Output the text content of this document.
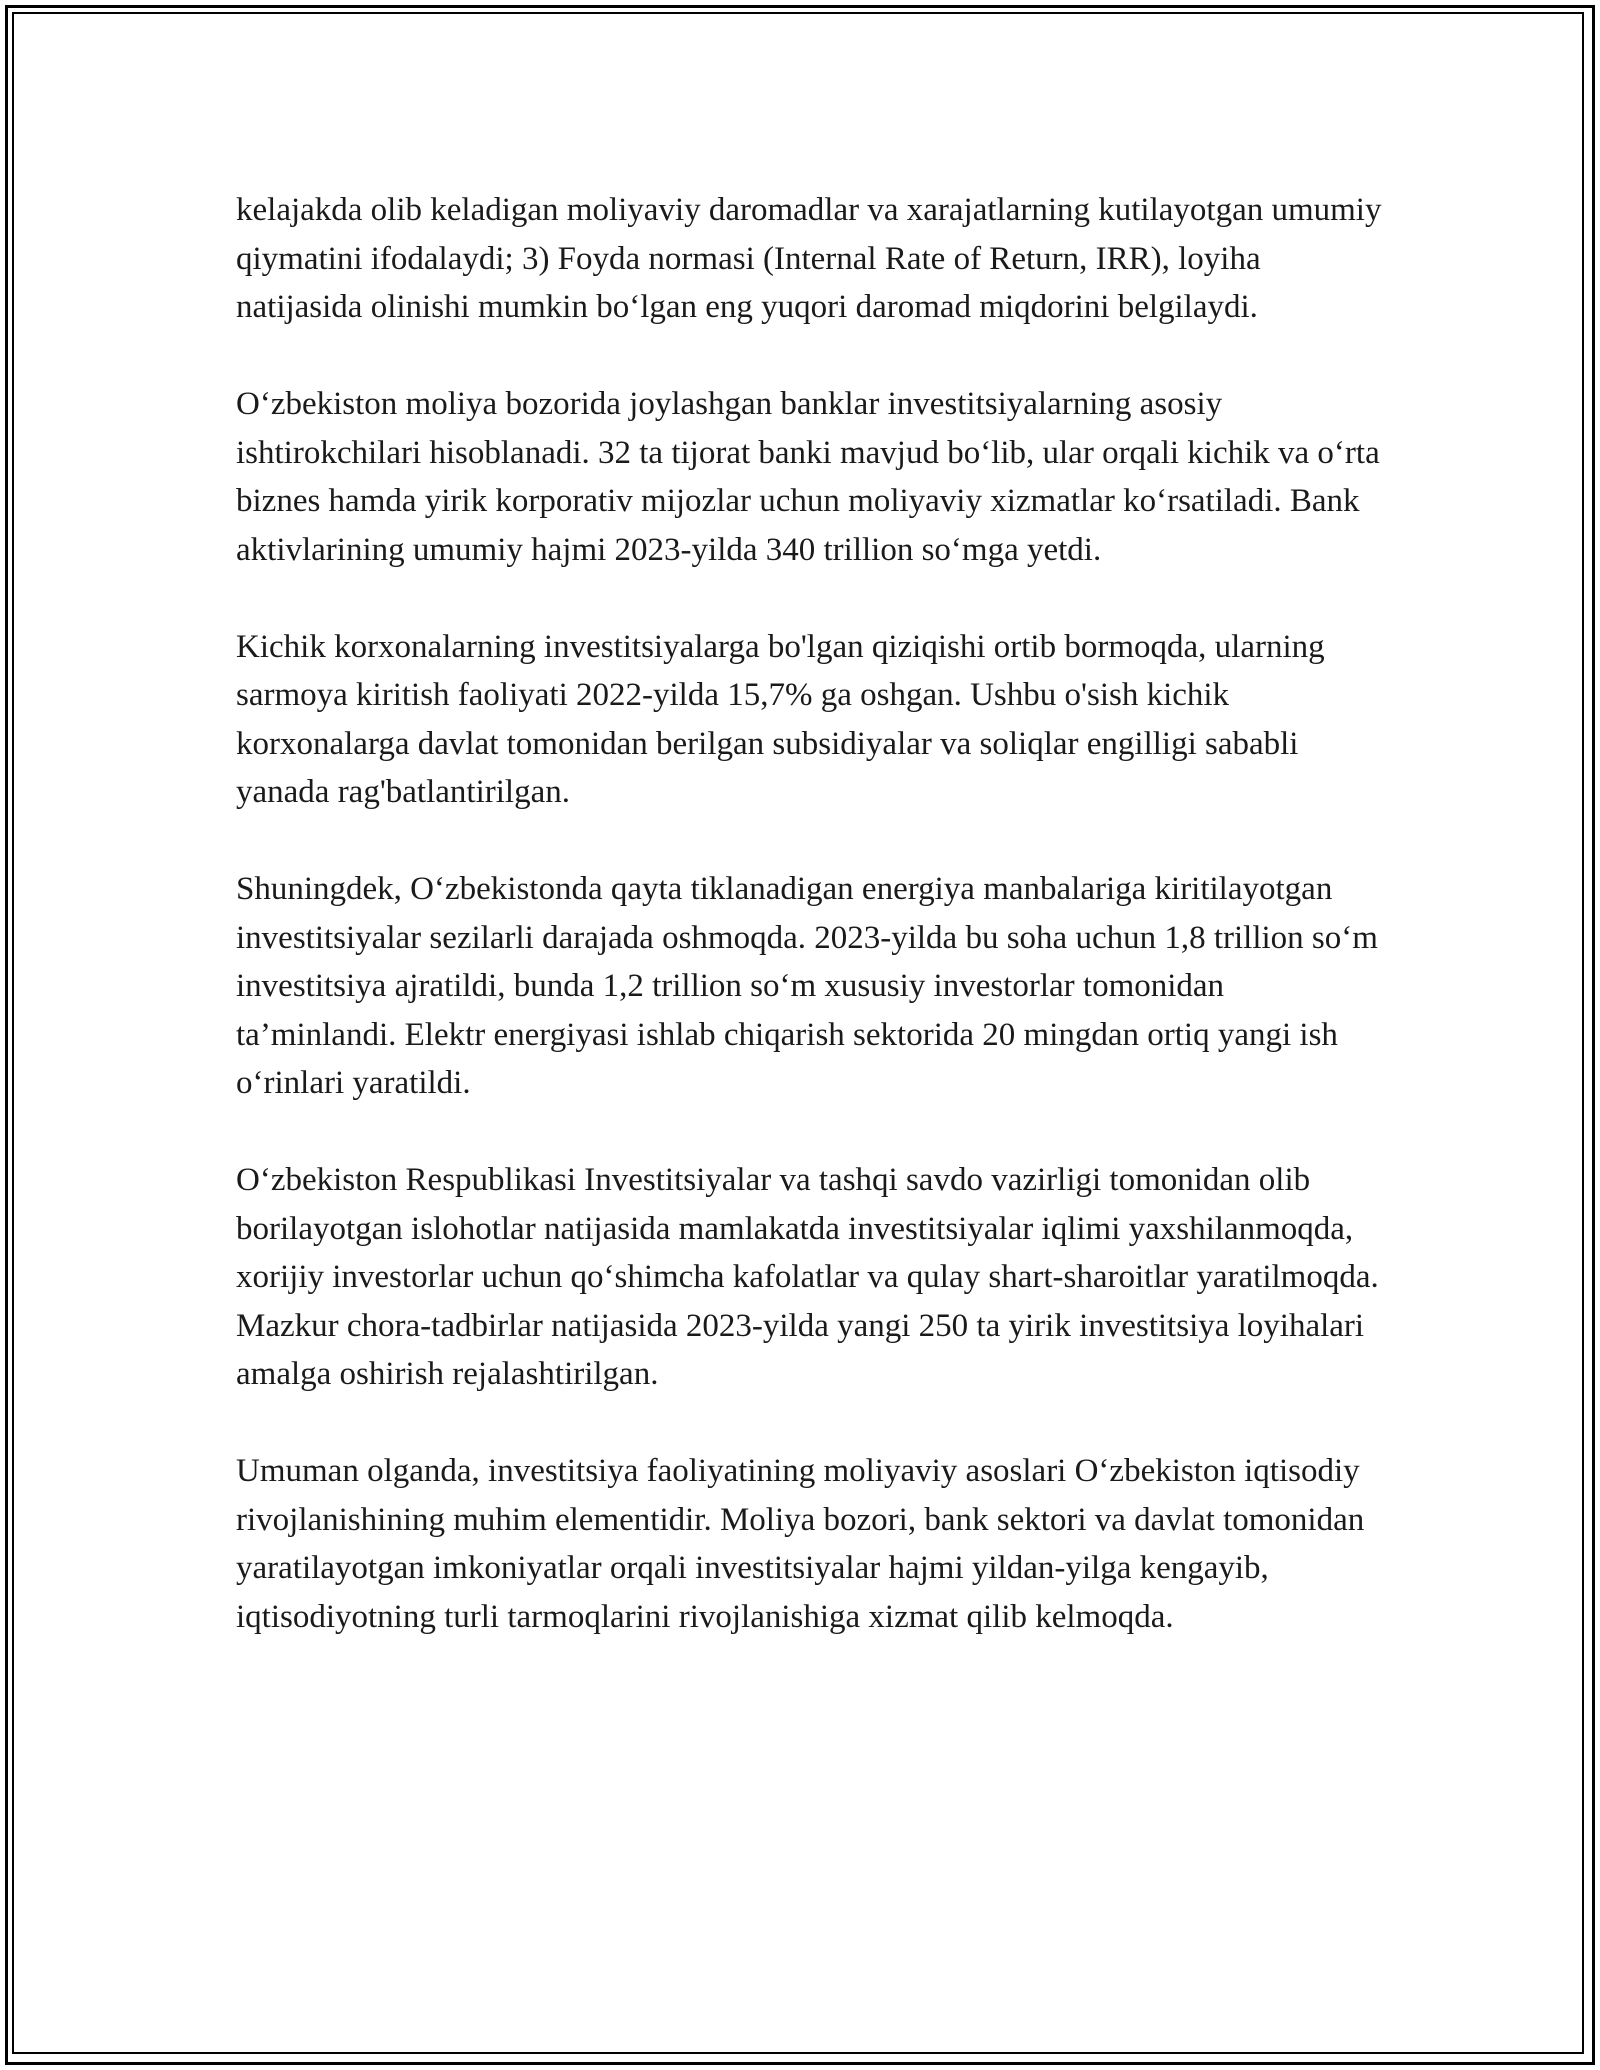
kelajakda olib keladigan moliyaviy daromadlar va xarajatlarning kutilayotgan umumiy qiymatini ifodalaydi; 3) Foyda normasi (Internal Rate of Return, IRR), loyiha natijasida olinishi mumkin bo‘lgan eng yuqori daromad miqdorini belgilaydi.

O‘zbekiston moliya bozorida joylashgan banklar investitsiyalarning asosiy ishtirokchilari hisoblanadi. 32 ta tijorat banki mavjud bo‘lib, ular orqali kichik va o‘rta biznes hamda yirik korporativ mijozlar uchun moliyaviy xizmatlar ko‘rsatiladi. Bank aktivlarining umumiy hajmi 2023-yilda 340 trillion so‘mga yetdi.

Kichik korxonalarning investitsiyalarga bo'lgan qiziqishi ortib bormoqda, ularning sarmoya kiritish faoliyati 2022-yilda 15,7% ga oshgan. Ushbu o'sish kichik korxonalarga davlat tomonidan berilgan subsidiyalar va soliqlar engilligi sababli yanada rag'batlantirilgan.

Shuningdek, O‘zbekistonda qayta tiklanadigan energiya manbalariga kiritilayotgan investitsiyalar sezilarli darajada oshmoqda. 2023-yilda bu soha uchun 1,8 trillion so‘m investitsiya ajratildi, bunda 1,2 trillion so‘m xususiy investorlar tomonidan ta’minlandi. Elektr energiyasi ishlab chiqarish sektorida 20 mingdan ortiq yangi ish o‘rinlari yaratildi.

O‘zbekiston Respublikasi Investitsiyalar va tashqi savdo vazirligi tomonidan olib borilayotgan islohotlar natijasida mamlakatda investitsiyalar iqlimi yaxshilanmoqda, xorijiy investorlar uchun qo‘shimcha kafolatlar va qulay shart-sharoitlar yaratilmoqda. Mazkur chora-tadbirlar natijasida 2023-yilda yangi 250 ta yirik investitsiya loyihalari amalga oshirish rejalashtirilgan.

Umuman olganda, investitsiya faoliyatining moliyaviy asoslari O‘zbekiston iqtisodiy rivojlanishining muhim elementidir. Moliya bozori, bank sektori va davlat tomonidan yaratilayotgan imkoniyatlar orqali investitsiyalar hajmi yildan-yilga kengayib, iqtisodiyotning turli tarmoqlarini rivojlanishiga xizmat qilib kelmoqda.
